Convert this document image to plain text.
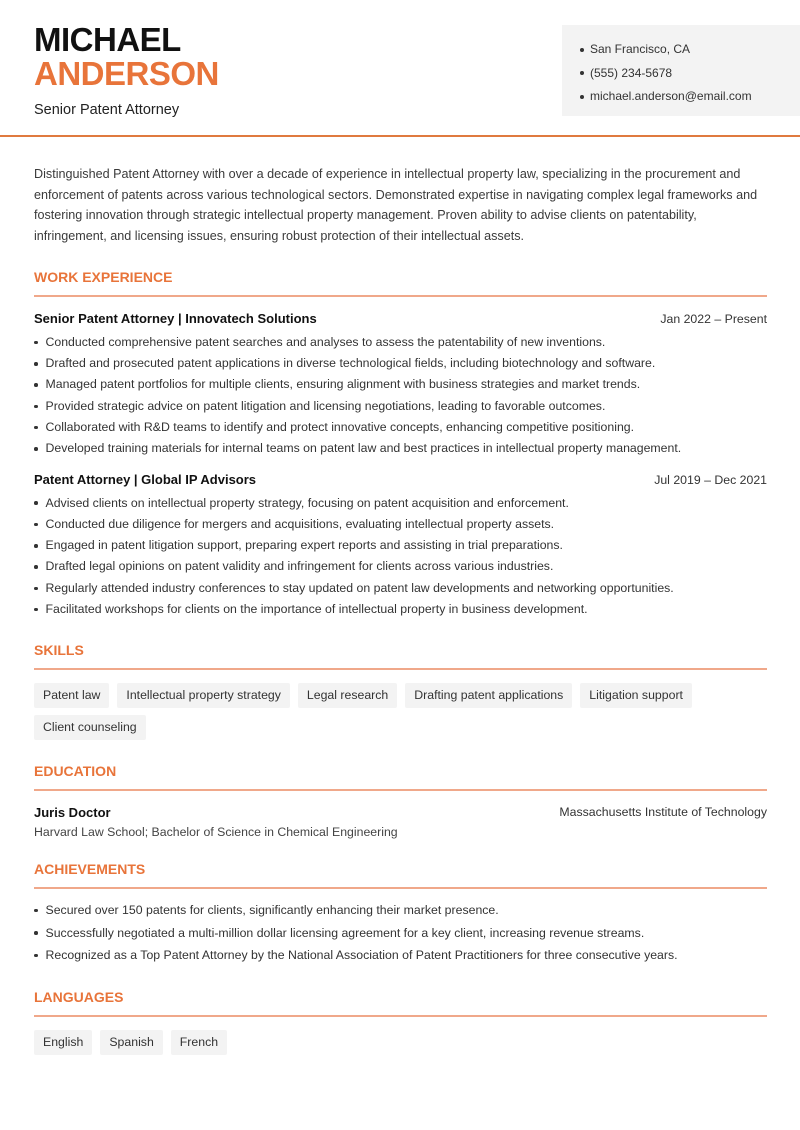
MICHAEL
ANDERSON
Senior Patent Attorney
San Francisco, CA
(555) 234-5678
michael.anderson@email.com

Distinguished Patent Attorney with over a decade of experience in intellectual property law, specializing in the procurement and enforcement of patents across various technological sectors. Demonstrated expertise in navigating complex legal frameworks and fostering innovation through strategic intellectual property management. Proven ability to advise clients on patentability, infringement, and licensing issues, ensuring robust protection of their intellectual assets.

WORK EXPERIENCE
Senior Patent Attorney | Innovatech Solutions	Jan 2022 – Present
Conducted comprehensive patent searches and analyses to assess the patentability of new inventions.
Drafted and prosecuted patent applications in diverse technological fields, including biotechnology and software.
Managed patent portfolios for multiple clients, ensuring alignment with business strategies and market trends.
Provided strategic advice on patent litigation and licensing negotiations, leading to favorable outcomes.
Collaborated with R&D teams to identify and protect innovative concepts, enhancing competitive positioning.
Developed training materials for internal teams on patent law and best practices in intellectual property management.
Patent Attorney | Global IP Advisors	Jul 2019 – Dec 2021
Advised clients on intellectual property strategy, focusing on patent acquisition and enforcement.
Conducted due diligence for mergers and acquisitions, evaluating intellectual property assets.
Engaged in patent litigation support, preparing expert reports and assisting in trial preparations.
Drafted legal opinions on patent validity and infringement for clients across various industries.
Regularly attended industry conferences to stay updated on patent law developments and networking opportunities.
Facilitated workshops for clients on the importance of intellectual property in business development.
SKILLS
Patent law	Intellectual property strategy	Legal research	Drafting patent applications	Litigation support
Client counseling
EDUCATION
Juris Doctor	Massachusetts Institute of Technology
Harvard Law School; Bachelor of Science in Chemical Engineering
ACHIEVEMENTS
Secured over 150 patents for clients, significantly enhancing their market presence.
Successfully negotiated a multi-million dollar licensing agreement for a key client, increasing revenue streams.
Recognized as a Top Patent Attorney by the National Association of Patent Practitioners for three consecutive years.
LANGUAGES
English	Spanish	French
